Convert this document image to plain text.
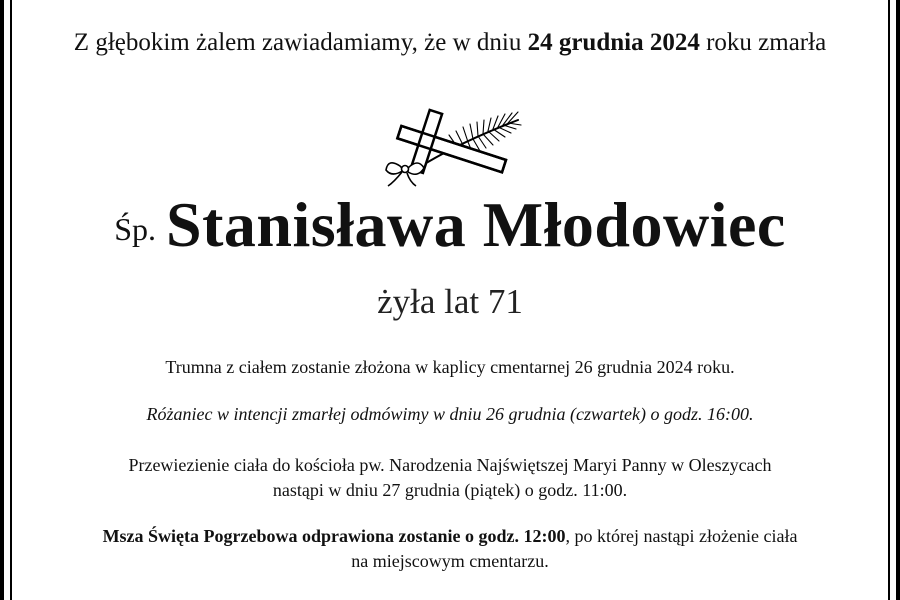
Z głębokim żalem zawiadamiamy, że w dniu 24 grudnia 2024 roku zmarła
Śp. Stanisława Młodowiec
żyła lat 71
Trumna z ciałem zostanie złożona w kaplicy cmentarnej 26 grudnia 2024 roku.
Różaniec w intencji zmarłej odmówimy w dniu 26 grudnia (czwartek) o godz. 16:00.
Przewiezienie ciała do kościoła pw. Narodzenia Najświętszej Maryi Panny w Oleszycach
nastąpi w dniu 27 grudnia (piątek) o godz. 11:00.
Msza Święta Pogrzebowa odprawiona zostanie o godz. 12:00, po której nastąpi złożenie ciała
na miejscowym cmentarzu.
